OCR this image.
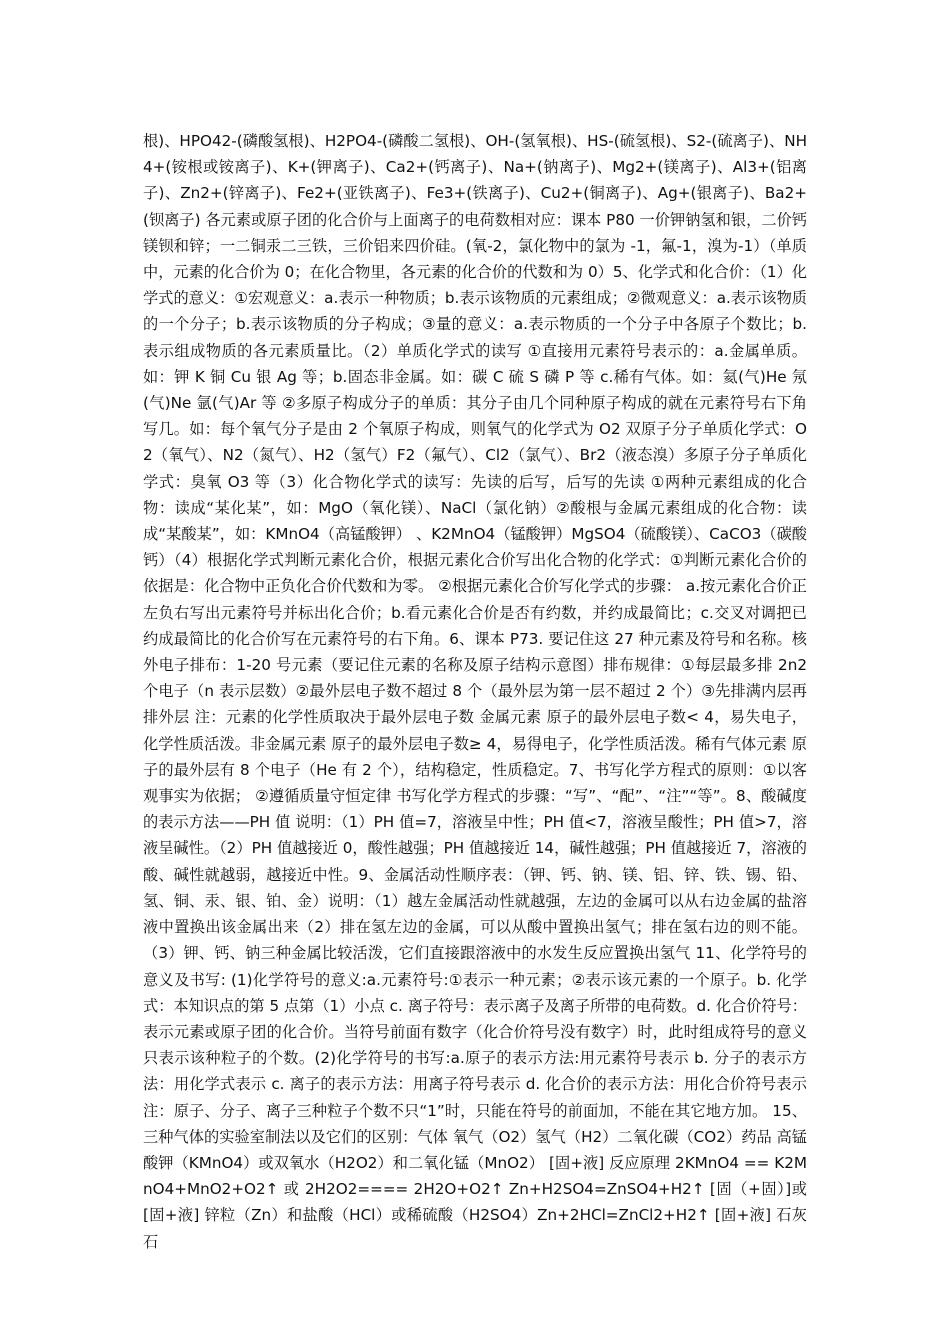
根)、HPO42-(磷酸氢根)、H2PO4-(磷酸二氢根)、OH-(氢氧根)、HS-(硫氢根)、S2-(硫离子)、NH4+(铵根或铵离子)、K+(钾离子)、Ca2+(钙离子)、Na+(钠离子)、Mg2+(镁离子)、Al3+(铝离子)、Zn2+(锌离子)、Fe2+(亚铁离子)、Fe3+(铁离子)、Cu2+(铜离子)、Ag+(银离子)、Ba2+(钡离子) 各元素或原子团的化合价与上面离子的电荷数相对应：课本 P80 一价钾钠氢和银，二价钙镁钡和锌；一二铜汞二三铁，三价铝来四价硅。(氧-2，氯化物中的氯为 -1，氟-1，溴为-1）（单质中，元素的化合价为 0；在化合物里，各元素的化合价的代数和为 0）5、化学式和化合价：（1）化学式的意义：①宏观意义：a.表示一种物质；b.表示该物质的元素组成；②微观意义：a.表示该物质的一个分子；b.表示该物质的分子构成；③量的意义：a.表示物质的一个分子中各原子个数比；b.表示组成物质的各元素质量比。（2）单质化学式的读写 ①直接用元素符号表示的：a.金属单质。如：钾 K 铜 Cu 银 Ag 等；b.固态非金属。如：碳 C 硫 S 磷 P 等 c.稀有气体。如：氦(气)He 氖(气)Ne 氩(气)Ar 等 ②多原子构成分子的单质：其分子由几个同种原子构成的就在元素符号右下角写几。如：每个氧气分子是由 2 个氧原子构成，则氧气的化学式为 O2 双原子分子单质化学式：O2（氧气）、N2（氮气）、H2（氢气）F2（氟气）、Cl2（氯气）、Br2（液态溴）多原子分子单质化学式：臭氧 O3 等（3）化合物化学式的读写：先读的后写，后写的先读 ①两种元素组成的化合物：读成“某化某”，如：MgO（氧化镁）、NaCl（氯化钠）②酸根与金属元素组成的化合物：读成“某酸某”，如：KMnO4（高锰酸钾） 、K2MnO4（锰酸钾）MgSO4（硫酸镁）、CaCO3（碳酸钙）（4）根据化学式判断元素化合价，根据元素化合价写出化合物的化学式：①判断元素化合价的依据是：化合物中正负化合价代数和为零。 ②根据元素化合价写化学式的步骤： a.按元素化合价正左负右写出元素符号并标出化合价；b.看元素化合价是否有约数，并约成最简比；c.交叉对调把已约成最简比的化合价写在元素符号的右下角。6、课本 P73. 要记住这 27 种元素及符号和名称。核外电子排布：1-20 号元素（要记住元素的名称及原子结构示意图）排布规律：①每层最多排 2n2 个电子（n 表示层数）②最外层电子数不超过 8 个（最外层为第一层不超过 2 个）③先排满内层再排外层 注：元素的化学性质取决于最外层电子数 金属元素 原子的最外层电子数< 4，易失电子，化学性质活泼。非金属元素 原子的最外层电子数≥ 4，易得电子，化学性质活泼。稀有气体元素 原子的最外层有 8 个电子（He 有 2 个），结构稳定，性质稳定。7、书写化学方程式的原则：①以客观事实为依据； ②遵循质量守恒定律 书写化学方程式的步骤：“写”、“配”、“注”“等”。8、酸碱度的表示方法——PH 值 说明：（1）PH 值=7，溶液呈中性；PH 值<7，溶液呈酸性；PH 值>7，溶液呈碱性。（2）PH 值越接近 0，酸性越强；PH 值越接近 14，碱性越强；PH 值越接近 7，溶液的酸、碱性就越弱，越接近中性。9、金属活动性顺序表：（钾、钙、钠、镁、铝、锌、铁、锡、铅、氢、铜、汞、银、铂、金）说明：（1）越左金属活动性就越强，左边的金属可以从右边金属的盐溶液中置换出该金属出来（2）排在氢左边的金属，可以从酸中置换出氢气；排在氢右边的则不能。（3）钾、钙、钠三种金属比较活泼，它们直接跟溶液中的水发生反应置换出氢气 11、化学符号的意义及书写: (1)化学符号的意义:a.元素符号:①表示一种元素；②表示该元素的一个原子。b. 化学式：本知识点的第 5 点第（1）小点 c. 离子符号：表示离子及离子所带的电荷数。d. 化合价符号：表示元素或原子团的化合价。当符号前面有数字（化合价符号没有数字）时，此时组成符号的意义只表示该种粒子的个数。(2)化学符号的书写:a.原子的表示方法:用元素符号表示 b. 分子的表示方法：用化学式表示 c. 离子的表示方法：用离子符号表示 d. 化合价的表示方法：用化合价符号表示 注：原子、分子、离子三种粒子个数不只“1”时，只能在符号的前面加，不能在其它地方加。 15、三种气体的实验室制法以及它们的区别：气体 氧气（O2）氢气（H2）二氧化碳（CO2）药品 高锰酸钾（KMnO4）或双氧水（H2O2）和二氧化锰（MnO2） [固+液] 反应原理 2KMnO4 == K2MnO4+MnO2+O2↑ 或 2H2O2==== 2H2O+O2↑ Zn+H2SO4=ZnSO4+H2↑ [固（+固）]或[固+液] 锌粒（Zn）和盐酸（HCl）或稀硫酸（H2SO4）Zn+2HCl=ZnCl2+H2↑ [固+液] 石灰石
